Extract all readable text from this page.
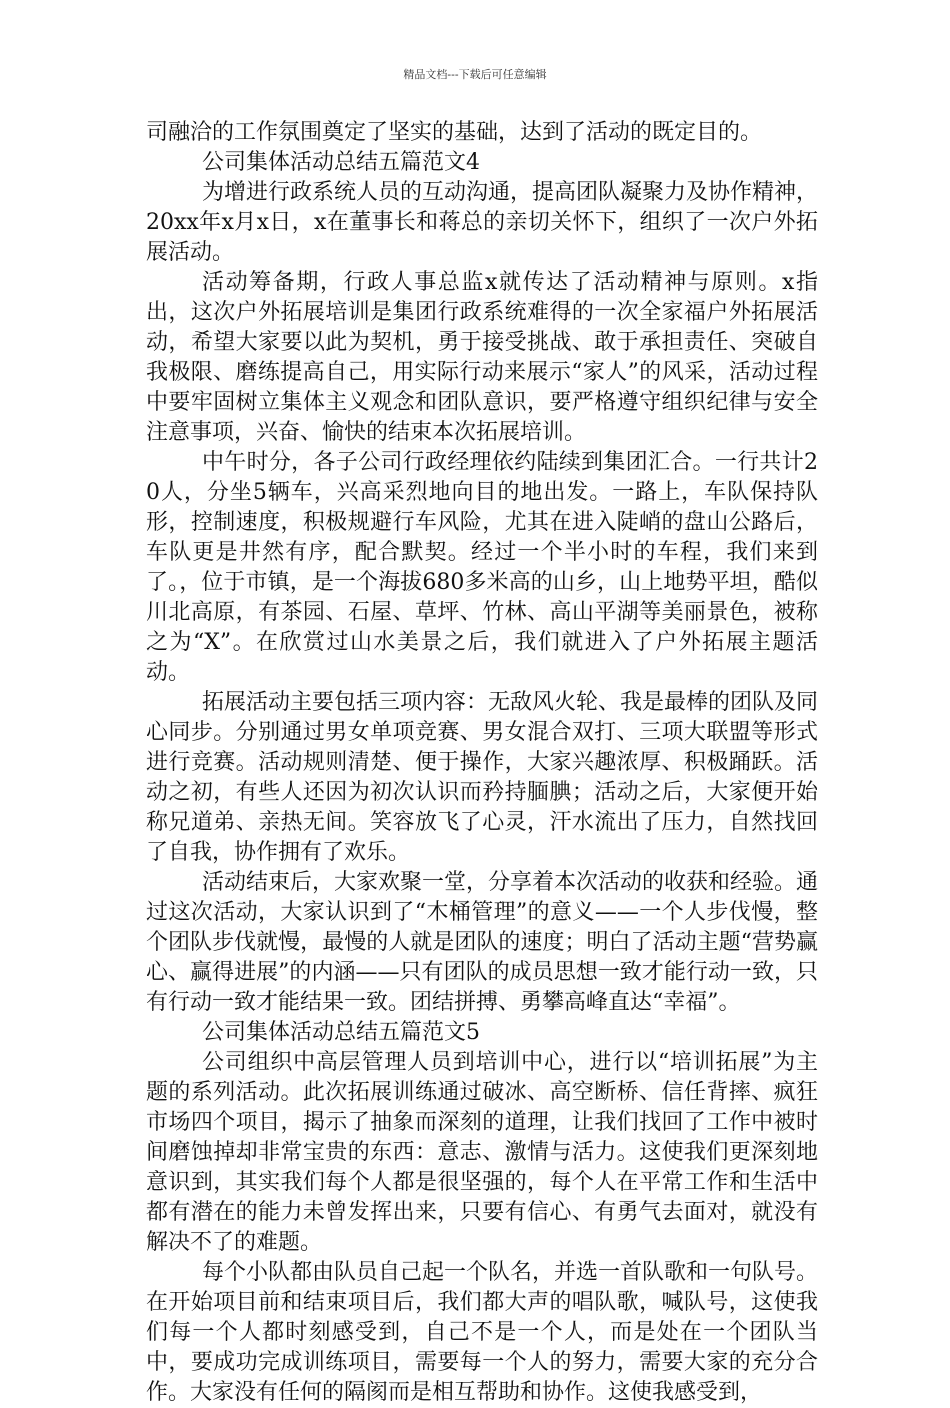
精品文档---下载后可任意编辑

司融洽的工作氛围奠定了坚实的基础，达到了活动的既定目的。

公司集体活动总结五篇范文4

为增进行政系统人员的互动沟通，提高团队凝聚力及协作精神，20xx年x月x日，x在董事长和蒋总的亲切关怀下，组织了一次户外拓展活动。

活动筹备期，行政人事总监x就传达了活动精神与原则。x指出，这次户外拓展培训是集团行政系统难得的一次全家福户外拓展活动，希望大家要以此为契机，勇于接受挑战、敢于承担责任、突破自我极限、磨练提高自己，用实际行动来展示“家人”的风采，活动过程中要牢固树立集体主义观念和团队意识，要严格遵守组织纪律与安全注意事项，兴奋、愉快的结束本次拓展培训。

中午时分，各子公司行政经理依约陆续到集团汇合。一行共计20人，分坐5辆车，兴高采烈地向目的地出发。一路上，车队保持队形，控制速度，积极规避行车风险，尤其在进入陡峭的盘山公路后，车队更是井然有序，配合默契。经过一个半小时的车程，我们来到了。，位于市镇，是一个海拔680多米高的山乡，山上地势平坦，酷似川北高原，有茶园、石屋、草坪、竹林、高山平湖等美丽景色，被称之为“X”。在欣赏过山水美景之后，我们就进入了户外拓展主题活动。

拓展活动主要包括三项内容：无敌风火轮、我是最棒的团队及同心同步。分别通过男女单项竞赛、男女混合双打、三项大联盟等形式进行竞赛。活动规则清楚、便于操作，大家兴趣浓厚、积极踊跃。活动之初，有些人还因为初次认识而矜持腼腆；活动之后，大家便开始称兄道弟、亲热无间。笑容放飞了心灵，汗水流出了压力，自然找回了自我，协作拥有了欢乐。

活动结束后，大家欢聚一堂，分享着本次活动的收获和经验。通过这次活动，大家认识到了“木桶管理”的意义——一个人步伐慢，整个团队步伐就慢，最慢的人就是团队的速度；明白了活动主题“营势赢心、赢得进展”的内涵——只有团队的成员思想一致才能行动一致，只有行动一致才能结果一致。团结拼搏、勇攀高峰直达“幸福”。

公司集体活动总结五篇范文5

公司组织中高层管理人员到培训中心，进行以“培训拓展”为主题的系列活动。此次拓展训练通过破冰、高空断桥、信任背摔、疯狂市场四个项目，揭示了抽象而深刻的道理，让我们找回了工作中被时间磨蚀掉却非常宝贵的东西：意志、激情与活力。这使我们更深刻地意识到，其实我们每个人都是很坚强的，每个人在平常工作和生活中都有潜在的能力未曾发挥出来，只要有信心、有勇气去面对，就没有解决不了的难题。

每个小队都由队员自己起一个队名，并选一首队歌和一句队号。在开始项目前和结束项目后，我们都大声的唱队歌，喊队号，这使我们每一个人都时刻感受到，自己不是一个人，而是处在一个团队当中，要成功完成训练项目，需要每一个人的努力，需要大家的充分合作。大家没有任何的隔阂而是相互帮助和协作。这使我感受到，
